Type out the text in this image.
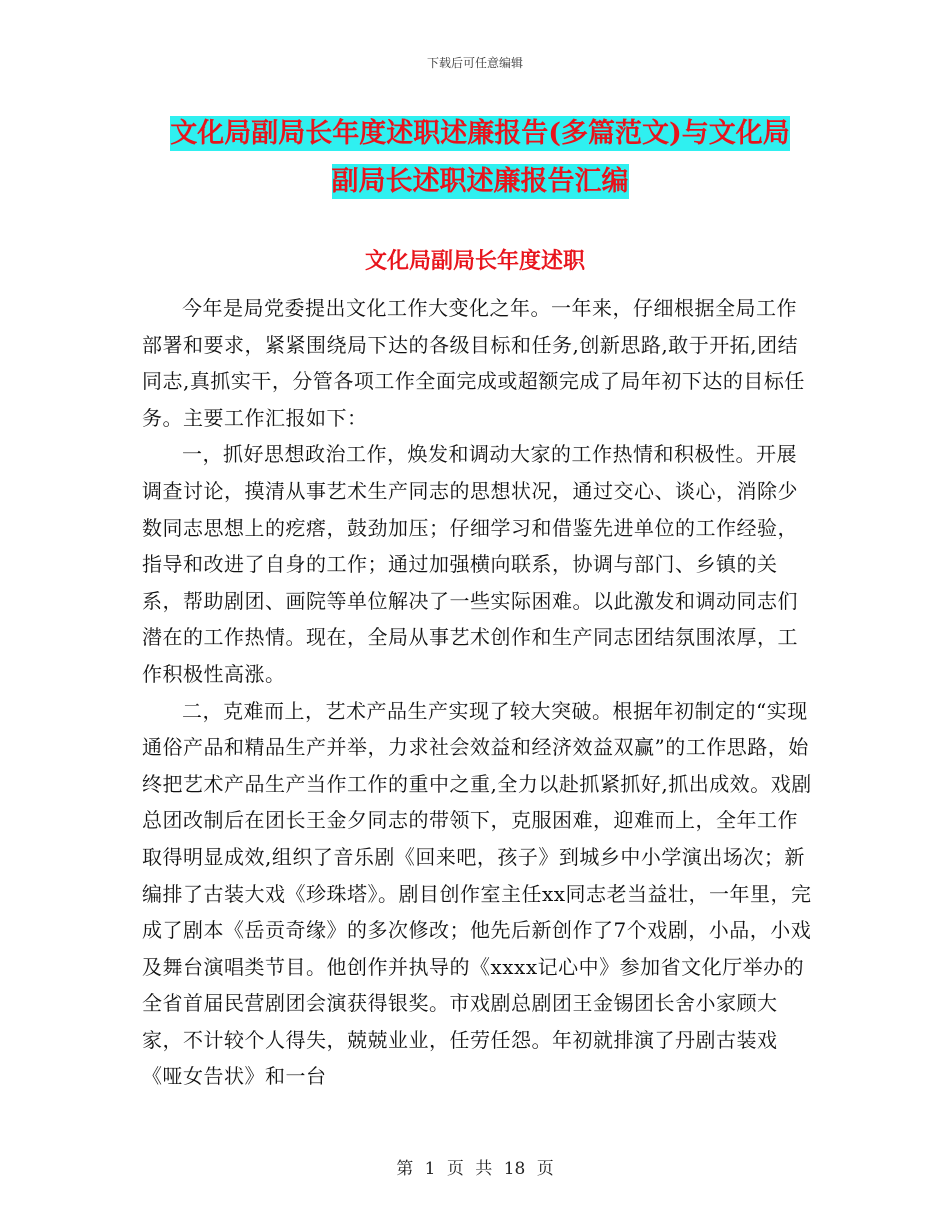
下载后可任意编辑
文化局副局长年度述职述廉报告(多篇范文)与文化局
副局长述职述廉报告汇编
文化局副局长年度述职

今年是局党委提出文化工作大变化之年。一年来，仔细根据全局工作部署和要求，紧紧围绕局下达的各级目标和任务,创新思路,敢于开拓,团结同志,真抓实干，分管各项工作全面完成或超额完成了局年初下达的目标任务。主要工作汇报如下：

一，抓好思想政治工作，焕发和调动大家的工作热情和积极性。开展调查讨论，摸清从事艺术生产同志的思想状况，通过交心、谈心，消除少数同志思想上的疙瘩，鼓劲加压；仔细学习和借鉴先进单位的工作经验，指导和改进了自身的工作；通过加强横向联系，协调与部门、乡镇的关系，帮助剧团、画院等单位解决了一些实际困难。以此激发和调动同志们潜在的工作热情。现在，全局从事艺术创作和生产同志团结氛围浓厚，工作积极性高涨。

二，克难而上，艺术产品生产实现了较大突破。根据年初制定的“实现通俗产品和精品生产并举，力求社会效益和经济效益双赢”的工作思路，始终把艺术产品生产当作工作的重中之重,全力以赴抓紧抓好,抓出成效。戏剧总团改制后在团长王金夕同志的带领下，克服困难，迎难而上，全年工作取得明显成效,组织了音乐剧《回来吧，孩子》到城乡中小学演出场次；新编排了古装大戏《珍珠塔》。剧目创作室主任xx同志老当益壮，一年里，完成了剧本《岳贡奇缘》的多次修改；他先后新创作了7个戏剧，小品，小戏及舞台演唱类节目。他创作并执导的《xxxx记心中》参加省文化厅举办的全省首届民营剧团会演获得银奖。市戏剧总剧团王金锡团长舍小家顾大家，不计较个人得失，兢兢业业，任劳任怨。年初就排演了丹剧古装戏《哑女告状》和一台

第 1 页 共 18 页
